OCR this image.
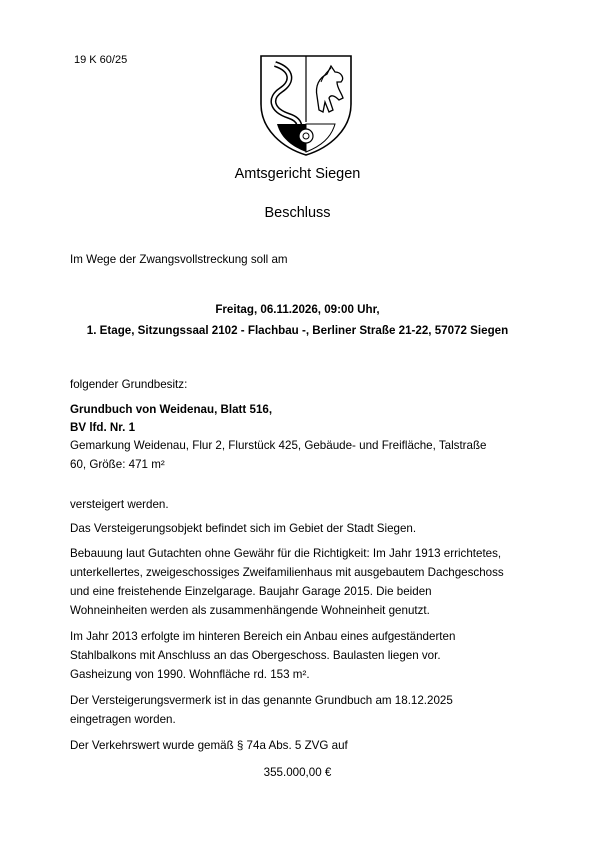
19 K 60/25
Amtsgericht Siegen
Beschluss
Im Wege der Zwangsvollstreckung soll am
Freitag, 06.11.2026, 09:00 Uhr,
1. Etage, Sitzungssaal 2102 - Flachbau -, Berliner Straße 21-22, 57072 Siegen
folgender Grundbesitz:
Grundbuch von Weidenau, Blatt 516,
BV lfd. Nr. 1
Gemarkung Weidenau, Flur 2, Flurstück 425, Gebäude- und Freifläche, Talstraße
60, Größe: 471 m²
versteigert werden.
Das Versteigerungsobjekt befindet sich im Gebiet der Stadt Siegen.
Bebauung laut Gutachten ohne Gewähr für die Richtigkeit: Im Jahr 1913 errichtetes,
unterkellertes, zweigeschossiges Zweifamilienhaus mit ausgebautem Dachgeschoss
und eine freistehende Einzelgarage. Baujahr Garage 2015. Die beiden
Wohneinheiten werden als zusammenhängende Wohneinheit genutzt.
Im Jahr 2013 erfolgte im hinteren Bereich ein Anbau eines aufgeständerten
Stahlbalkons mit Anschluss an das Obergeschoss. Baulasten liegen vor.
Gasheizung von 1990. Wohnfläche rd. 153 m².
Der Versteigerungsvermerk ist in das genannte Grundbuch am 18.12.2025
eingetragen worden.
Der Verkehrswert wurde gemäß § 74a Abs. 5 ZVG auf
355.000,00 €
